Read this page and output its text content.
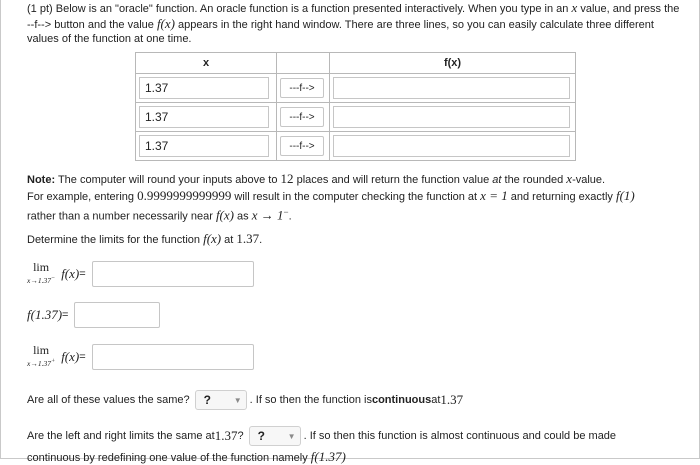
(1 pt) Below is an "oracle" function. An oracle function is a function presented interactively. When you type in an x value, and press the --f--> button and the value f(x) appears in the right hand window. There are three lines, so you can easily calculate three different values of the function at one time.

x		f(x)

1.37	---f-->	

1.37	---f-->	

1.37	---f-->	

Note: The computer will round your inputs above to 12 places and will return the function value at the rounded x-value.

For example, entering 0.9999999999999 will result in the computer checking the function at x = 1 and returning exactly f(1)

rather than a number necessarily near f(x) as x → 1−.

Determine the limits for the function f(x) at 1.37.

lim
x→1.37− f(x) =
f(1.37) =
lim
x→1.37+ f(x) =
Are all of these values the same? ?	▼ . If so then the function is continuous at 1.37
Are the left and right limits the same at 1.37 ? ?	▼ . If so then this function is almost continuous and could be made
continuous by redefining one value of the function namely f(1.37)
